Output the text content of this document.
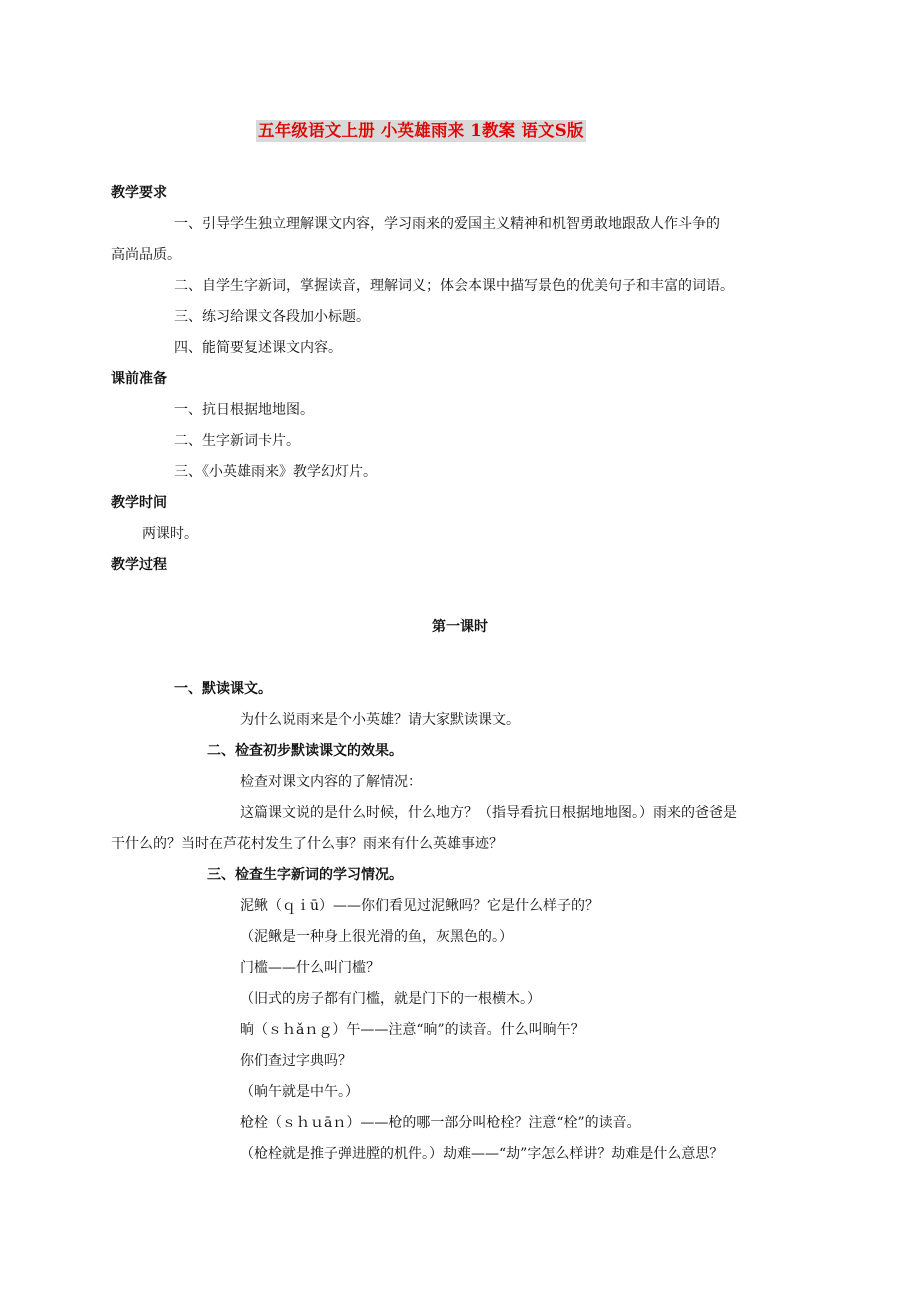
五年级语文上册 小英雄雨来 1教案 语文S版

教学要求

一、引导学生独立理解课文内容，学习雨来的爱国主义精神和机智勇敢地跟敌人作斗争的

高尚品质。

二、自学生字新词，掌握读音，理解词义；体会本课中描写景色的优美句子和丰富的词语。

三、练习给课文各段加小标题。

四、能简要复述课文内容。

课前准备

一、抗日根据地地图。

二、生字新词卡片。

三、《小英雄雨来》教学幻灯片。

教学时间

两课时。

教学过程

第一课时

一、默读课文。

为什么说雨来是个小英雄？请大家默读课文。

二、检查初步默读课文的效果。

检查对课文内容的了解情况：

这篇课文说的是什么时候，什么地方？（指导看抗日根据地地图。）雨来的爸爸是

干什么的？当时在芦花村发生了什么事？雨来有什么英雄事迹？

三、检查生字新词的学习情况。

泥鳅（ｑｉū）——你们看见过泥鳅吗？它是什么样子的？

（泥鳅是一种身上很光滑的鱼，灰黑色的。）

门槛——什么叫门槛？

（旧式的房子都有门槛，就是门下的一根横木。）

晌（ｓｈǎｎｇ）午——注意“晌”的读音。什么叫晌午？

你们查过字典吗？

（晌午就是中午。）

枪栓（ｓｈｕāｎ）——枪的哪一部分叫枪栓？注意“栓”的读音。

（枪栓就是推子弹进膛的机件。）劫难——“劫”字怎么样讲？劫难是什么意思？
